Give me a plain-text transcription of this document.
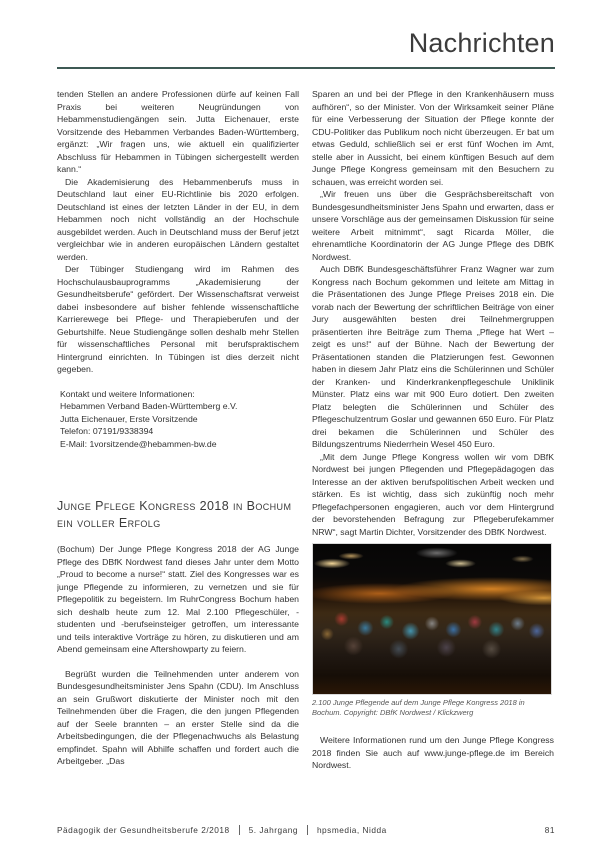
Nachrichten

tenden Stellen an andere Professionen dürfe auf keinen Fall Praxis bei weiteren Neugründungen von Hebammenstudiengängen sein. Jutta Eichenauer, erste Vorsitzende des Hebammen Verbandes Baden-Württemberg, ergänzt: „Wir fragen uns, wie aktuell ein qualifizierter Abschluss für Hebammen in Tübingen sichergestellt werden kann.“

Die Akademisierung des Hebammenberufs muss in Deutschland laut einer EU-Richtlinie bis 2020 erfolgen. Deutschland ist eines der letzten Länder in der EU, in dem Hebammen noch nicht vollständig an der Hochschule ausgebildet werden. Auch in Deutschland muss der Beruf jetzt vergleichbar wie in anderen europäischen Ländern gestaltet werden.

Der Tübinger Studiengang wird im Rahmen des Hochschulausbauprogramms „Akademisierung der Gesundheitsberufe“ gefördert. Der Wissenschaftsrat verweist dabei insbesondere auf bisher fehlende wissenschaftliche Karrierewege bei Pflege- und Therapieberufen und der Geburtshilfe. Neue Studiengänge sollen deshalb mehr Stellen für wissenschaftliches Personal mit berufspraktischem Hintergrund einrichten. In Tübingen ist dies derzeit nicht gegeben.

Kontakt und weitere Informationen:
Hebammen Verband Baden-Württemberg e.V.
Jutta Eichenauer, Erste Vorsitzende
Telefon: 07191/9338394
E-Mail: 1vorsitzende@hebammen-bw.de
Junge Pflege Kongress 2018 in Bochum ein voller Erfolg

(Bochum) Der Junge Pflege Kongress 2018 der AG Junge Pflege des DBfK Nordwest fand dieses Jahr unter dem Motto „Proud to become a nurse!“ statt. Ziel des Kongresses war es junge Pflegende zu informieren, zu vernetzen und sie für Pflegepolitik zu begeistern. Im RuhrCongress Bochum haben sich deshalb heute zum 12. Mal 2.100 Pflegeschüler, -studenten und -berufseinsteiger getroffen, um interessante und teils interaktive Vorträge zu hören, zu diskutieren und am Abend gemeinsam eine Aftershowparty zu feiern.

Begrüßt wurden die Teilnehmenden unter anderem von Bundesgesundheitsminister Jens Spahn (CDU). Im Anschluss an sein Grußwort diskutierte der Minister noch mit den Teilnehmenden über die Fragen, die den jungen Pflegenden auf der Seele brannten – an erster Stelle sind da die Arbeitsbedingungen, die der Pflegenachwuchs als Belastung empfindet. Spahn will Abhilfe schaffen und fordert auch die Arbeitgeber. „Das

Sparen an und bei der Pflege in den Krankenhäusern muss aufhören“, so der Minister. Von der Wirksamkeit seiner Pläne für eine Verbesserung der Situation der Pflege konnte der CDU-Politiker das Publikum noch nicht überzeugen. Er bat um etwas Geduld, schließlich sei er erst fünf Wochen im Amt, stelle aber in Aussicht, bei einem künftigen Besuch auf dem Junge Pflege Kongress gemeinsam mit den Besuchern zu schauen, was erreicht worden sei.

„Wir freuen uns über die Gesprächsbereitschaft von Bundesgesundheitsminister Jens Spahn und erwarten, dass er unsere Vorschläge aus der gemeinsamen Diskussion für seine weitere Arbeit mitnimmt“, sagt Ricarda Möller, die ehrenamtliche Koordinatorin der AG Junge Pflege des DBfK Nordwest.

Auch DBfK Bundesgeschäftsführer Franz Wagner war zum Kongress nach Bochum gekommen und leitete am Mittag in die Präsentationen des Junge Pflege Preises 2018 ein. Die vorab nach der Bewertung der schriftlichen Beiträge von einer Jury ausgewählten besten drei Teilnehmergruppen präsentierten ihre Beiträge zum Thema „Pflege hat Wert – zeigt es uns!“ auf der Bühne. Nach der Bewertung der Präsentationen standen die Platzierungen fest. Gewonnen haben in diesem Jahr Platz eins die Schülerinnen und Schüler der Kranken- und Kinderkrankenpflegeschule Uniklinik Münster. Platz eins war mit 900 Euro dotiert. Den zweiten Platz belegten die Schülerinnen und Schüler des Pflegeschulzentrum Goslar und gewannen 650 Euro. Für Platz drei bekamen die Schülerinnen und Schüler des Bildungszentrums Niederrhein Wesel 450 Euro.

„Mit dem Junge Pflege Kongress wollen wir vom DBfK Nordwest bei jungen Pflegenden und Pflegepädagogen das Interesse an der aktiven berufspolitischen Arbeit wecken und stärken. Es ist wichtig, dass sich zukünftig noch mehr Pflegefachpersonen engagieren, auch vor dem Hintergrund der bevorstehenden Befragung zur Pflegeberufekammer NRW“, sagt Martin Dichter, Vorsitzender des DBfK Nordwest.

2.100 Junge Pflegende auf dem Junge Pflege Kongress 2018 in Bochum. Copyright: DBfK Nordwest / Klickzwerg

Weitere Informationen rund um den Junge Pflege Kongress 2018 finden Sie auch auf www.junge-pflege.de im Bereich Nordwest.

Pädagogik der Gesundheitsberufe 2/2018 5. Jahrgang hpsmedia, Nidda	81
